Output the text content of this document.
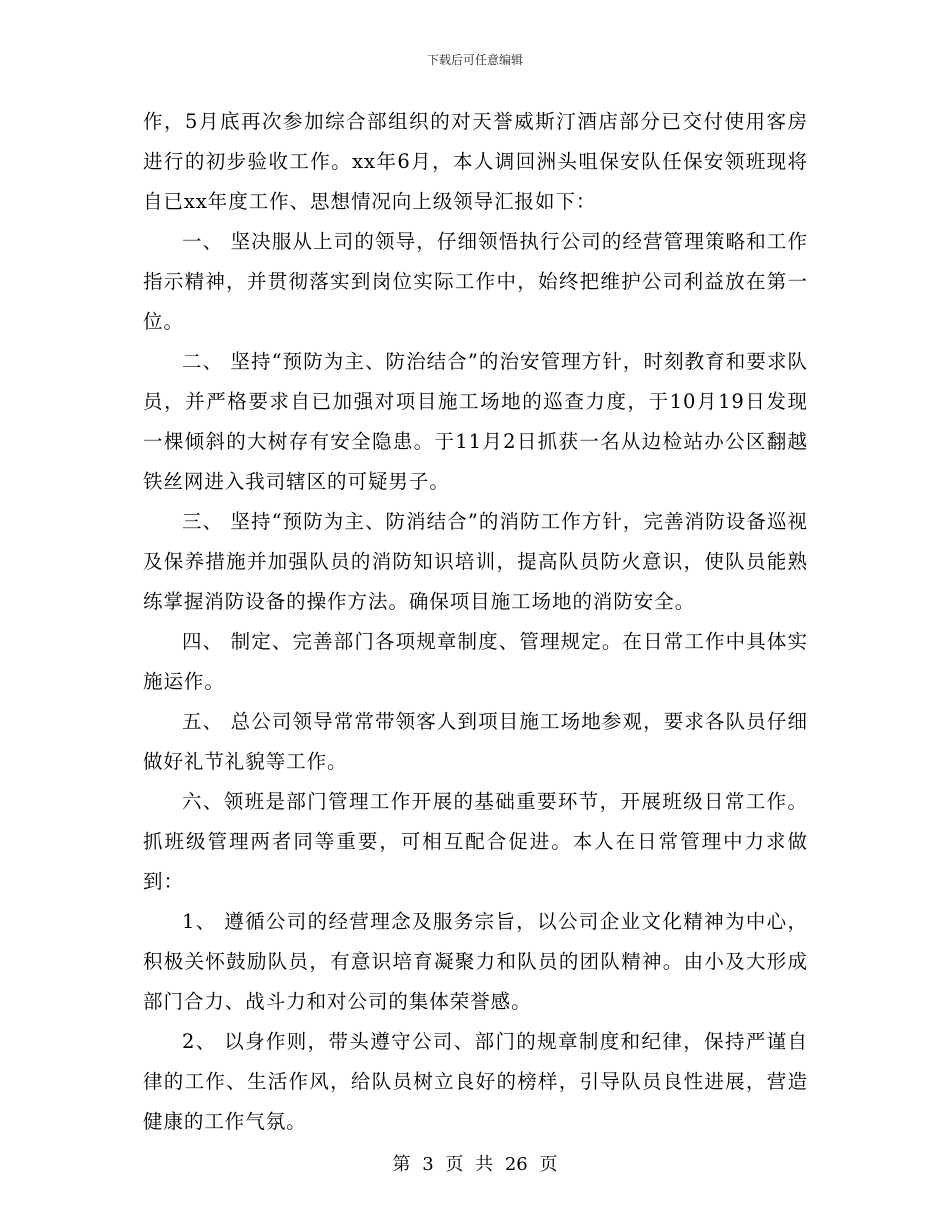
下载后可任意编辑

作，5月底再次参加综合部组织的对天誉威斯汀酒店部分已交付使用客房进行的初步验收工作。xx年6月，本人调回洲头咀保安队任保安领班现将自已xx年度工作、思想情况向上级领导汇报如下：

一、 坚决服从上司的领导，仔细领悟执行公司的经营管理策略和工作 指示精神，并贯彻落实到岗位实际工作中，始终把维护公司利益放在第一位。

二、 坚持“预防为主、防治结合”的治安管理方针，时刻教育和要求队员，并严格要求自已加强对项目施工场地的巡查力度，于10月19日发现一棵倾斜的大树存有安全隐患。于11月2日抓获一名从边检站办公区翻越铁丝网进入我司辖区的可疑男子。

三、 坚持“预防为主、防消结合”的消防工作方针，完善消防设备巡视及保养措施并加强队员的消防知识培训，提高队员防火意识，使队员能熟练掌握消防设备的操作方法。确保项目施工场地的消防安全。

四、 制定、完善部门各项规章制度、管理规定。在日常工作中具体实施运作。

五、 总公司领导常常带领客人到项目施工场地参观，要求各队员仔细做好礼节礼貌等工作。

六、领班是部门管理工作开展的基础重要环节，开展班级日常工作。抓班级管理两者同等重要，可相互配合促进。本人在日常管理中力求做到：

1、 遵循公司的经营理念及服务宗旨，以公司企业文化精神为中心，积极关怀鼓励队员，有意识培育凝聚力和队员的团队精神。由小及大形成部门合力、战斗力和对公司的集体荣誉感。

2、 以身作则，带头遵守公司、部门的规章制度和纪律，保持严谨自律的工作、生活作风，给队员树立良好的榜样，引导队员良性进展，营造健康的工作气氛。

第 3 页 共 26 页
